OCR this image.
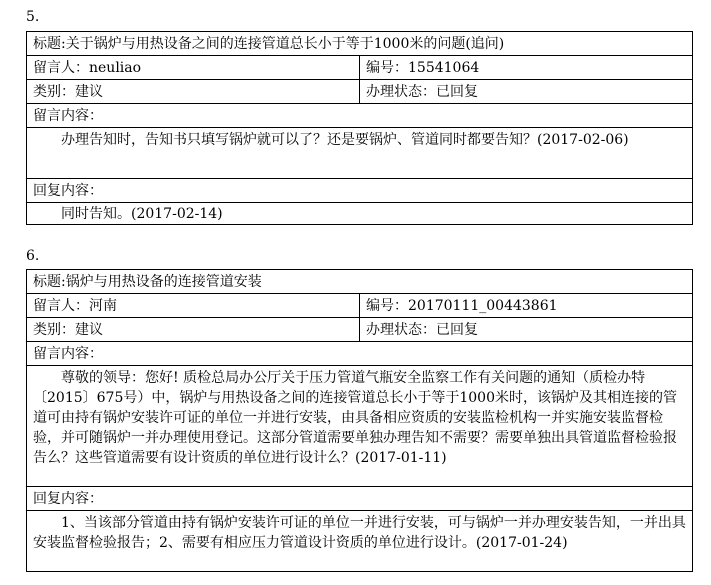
5.
标题:关于锅炉与用热设备之间的连接管道总长小于等于1000米的问题(追问)	
留言人：neuliao	编号：15541064
类别：建议	办理状态：已回复
留言内容：	
办理告知时，告知书只填写锅炉就可以了？还是要锅炉、管道同时都要告知？(2017-02-06)	
回复内容：	
同时告知。(2017-02-14)	
6.
标题:锅炉与用热设备的连接管道安装	
留言人：河南	编号：20170111_00443861
类别：建议	办理状态：已回复
留言内容：	
尊敬的领导：您好! 质检总局办公厅关于压力管道气瓶安全监察工作有关问题的通知（质检办特〔2015〕675号）中，锅炉与用热设备之间的连接管道总长小于等于1000米时，该锅炉及其相连接的管道可由持有锅炉安装许可证的单位一并进行安装，由具备相应资质的安装监检机构一并实施安装监督检验，并可随锅炉一并办理使用登记。这部分管道需要单独办理告知不需要？需要单独出具管道监督检验报告么？这些管道需要有设计资质的单位进行设计么？(2017-01-11)	
回复内容：	
1、当该部分管道由持有锅炉安装许可证的单位一并进行安装，可与锅炉一并办理安装告知，一并出具安装监督检验报告；2、需要有相应压力管道设计资质的单位进行设计。(2017-01-24)	
